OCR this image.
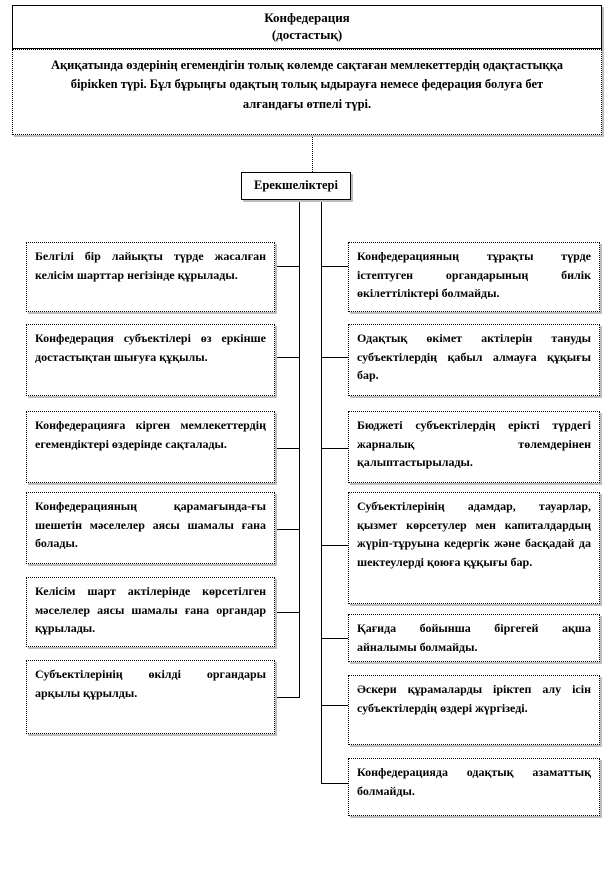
Конфедерация
(достастық)
Ақиқатында өздерінің егемендігін толық көлемде сақтаған мемлекеттердің одақтастыққа бірікken түрі. Бұл бұрыңғы одақтың толық ыдырауға немесе федерация болуға бет алғандағы өтпелі түрі.
Ерекшеліктері
Белгілі бір лайықты түрде жасалған келісім шарттар негізінде құрылады.
Конфедерация субъектілері өз еркінше достастықтан шығуға құқылы.
Конфедерацияға кірген мемлекеттердің егемендіктері өздерінде сақталады.
Конфедерацияның қарамағында-ғы шешетін мәселелер аясы шамалы ғана болады.
Келісім шарт актілерінде көрсетілген мәселелер аясы шамалы ғана органдар құрылады.
Субъектілерінің өкілді органдары арқылы құрылды.
Конфедерацияның тұрақты түрде істептуген органдарының билік өкілеттіліктері болмайды.
Одақтық өкімет актілерін тануды субъектілердің қабыл алмауға құқығы бар.
Бюджеті субъектілердің ерікті түрдегі жарналық төлемдерінен қалыптастырылады.
Субъектілерінің адамдар, тауарлар, қызмет көрсетулер мен капиталдардың жүріп-тұруына кедергік және басқадай да шектеулерді қоюға құқығы бар.
Қағида бойынша біргегей ақша айналымы болмайды.
Әскери құрамаларды іріктеп алу ісін субъектілердің өздері жүргізеді.
Конфедерацияда одақтық азаматтық болмайды.
